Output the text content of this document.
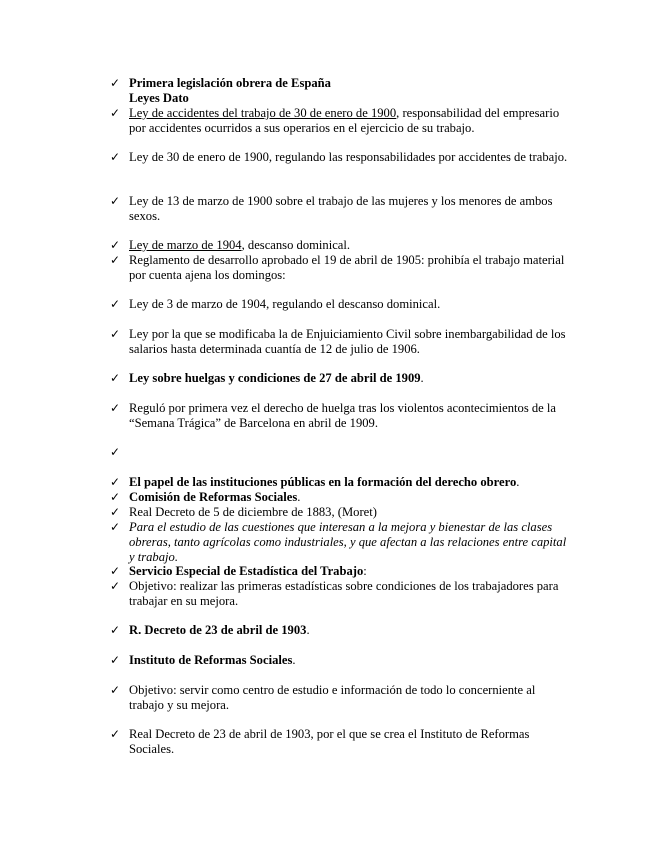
✓ Primera legislación obrera de España
Leyes Dato
✓ Ley de accidentes del trabajo de 30 de enero de 1900, responsabilidad del empresario por accidentes ocurridos a sus operarios en el ejercicio de su trabajo.
✓ Ley de 30 de enero de 1900, regulando las responsabilidades por accidentes de trabajo.
✓ Ley de 13 de marzo de 1900 sobre el trabajo de las mujeres y los menores de ambos sexos.
✓ Ley de marzo de 1904, descanso dominical.
✓ Reglamento de desarrollo aprobado el 19 de abril de 1905: prohibía el trabajo material por cuenta ajena los domingos:
✓ Ley de 3 de marzo de 1904, regulando el descanso dominical.
✓ Ley por la que se modificaba la de Enjuiciamiento Civil sobre inembargabilidad de los salarios hasta determinada cuantía de 12 de julio de 1906.
✓ Ley sobre huelgas y condiciones de 27 de abril de 1909.
✓ Reguló por primera vez el derecho de huelga tras los violentos acontecimientos de la “Semana Trágica” de Barcelona en abril de 1909.
✓
✓ El papel de las instituciones públicas en la formación del derecho obrero.
✓ Comisión de Reformas Sociales.
✓ Real Decreto de 5 de diciembre de 1883, (Moret)
✓ Para el estudio de las cuestiones que interesan a la mejora y bienestar de las clases obreras, tanto agrícolas como industriales, y que afectan a las relaciones entre capital y trabajo.
✓ Servicio Especial de Estadística del Trabajo:
✓ Objetivo: realizar las primeras estadísticas sobre condiciones de los trabajadores para trabajar en su mejora.
✓ R. Decreto de 23 de abril de 1903.
✓ Instituto de Reformas Sociales.
✓ Objetivo: servir como centro de estudio e información de todo lo concerniente al trabajo y su mejora.
✓ Real Decreto de 23 de abril de 1903, por el que se crea el Instituto de Reformas Sociales.
